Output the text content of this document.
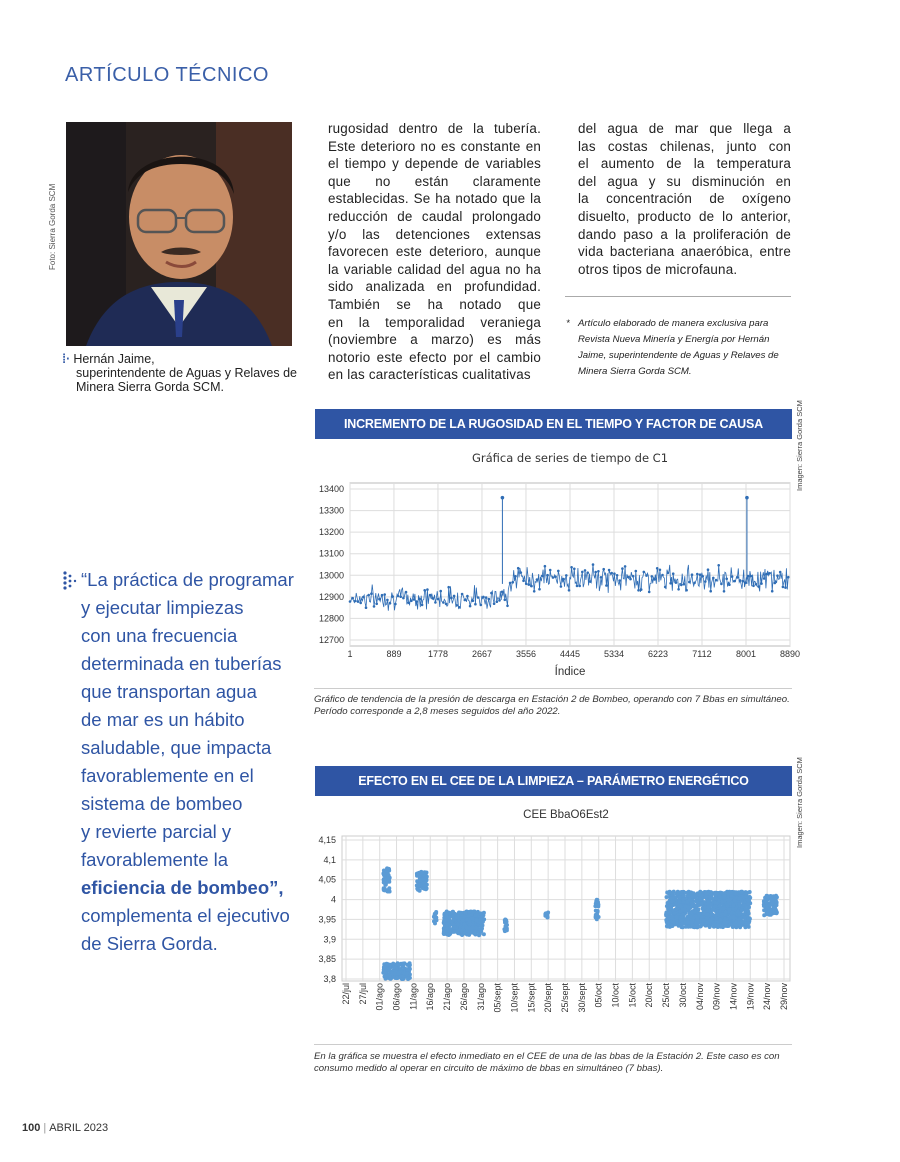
ARTÍCULO TÉCNICO
Foto: Sierra Gorda SCM
⁞· Hernán Jaime,
superintendente de Aguas y Relaves de
Minera Sierra Gorda SCM.
rugosidad dentro de la tubería.
Este deterioro no es constante en
el tiempo y depende de variables
que no están claramente
establecidas. Se ha notado que la
reducción de caudal prolongado
y/o las detenciones extensas
favorecen este deterioro, aunque
la variable calidad del agua no ha
sido analizada en profundidad.
También se ha notado que
en la temporalidad veraniega
(noviembre a marzo) es más
notorio este efecto por el cambio
en las características cualitativas
del agua de mar que llega a
las costas chilenas, junto con
el aumento de la temperatura
del agua y su disminución en
la concentración de oxígeno
disuelto, producto de lo anterior,
dando paso a la proliferación de
vida bacteriana anaeróbica, entre
otros tipos de microfauna.
* Artículo elaborado de manera exclusiva para Revista Nueva Minería y Energía por Hernán Jaime, superintendente de Aguas y Relaves de Minera Sierra Gorda SCM.
INCREMENTO DE LA RUGOSIDAD EN EL TIEMPO Y FACTOR DE CAUSA	Imagen: Sierra Gorda SCM
Gráfica de series de tiempo de C1
12700
12800
12900
13000
13100
13200
13300
13400
1	889	1778	2667	3556	4445	5334	6223	7112	8001	8890
Índice
Gráfico de tendencia de la presión de descarga en Estación 2 de Bombeo, operando con 7 Bbas en simultáneo. Período corresponde a 2,8 meses seguidos del año 2022.
EFECTO EN EL CEE DE LA LIMPIEZA – PARÁMETRO ENERGÉTICO	Imagen: Sierra Gorda SCM
CEE BbaO6Est2
3,8
3,85
3,9
3,95
4
4,05
4,1
4,15
22/jul 27/jul 01/ago 06/ago 11/ago 16/ago 21/ago 26/ago 31/ago 05/sept 10/sept 15/sept 20/sept 25/sept 30/sept 05/oct 10/oct 15/oct 20/oct 25/oct 30/oct 04/nov 09/nov 14/nov 19/nov 24/nov 29/nov
En la gráfica se muestra el efecto inmediato en el CEE de una de las bbas de la Estación 2. Este caso es con consumo medido al operar en circuito de máximo de bbas en simultáneo (7 bbas).
“La práctica de programar
y ejecutar limpiezas
con una frecuencia
determinada en tuberías
que transportan agua
de mar es un hábito
saludable, que impacta
favorablemente en el
sistema de bombeo
y revierte parcial y
favorablemente la
eficiencia de bombeo”,
complementa el ejecutivo
de Sierra Gorda.
100 | ABRIL 2023
